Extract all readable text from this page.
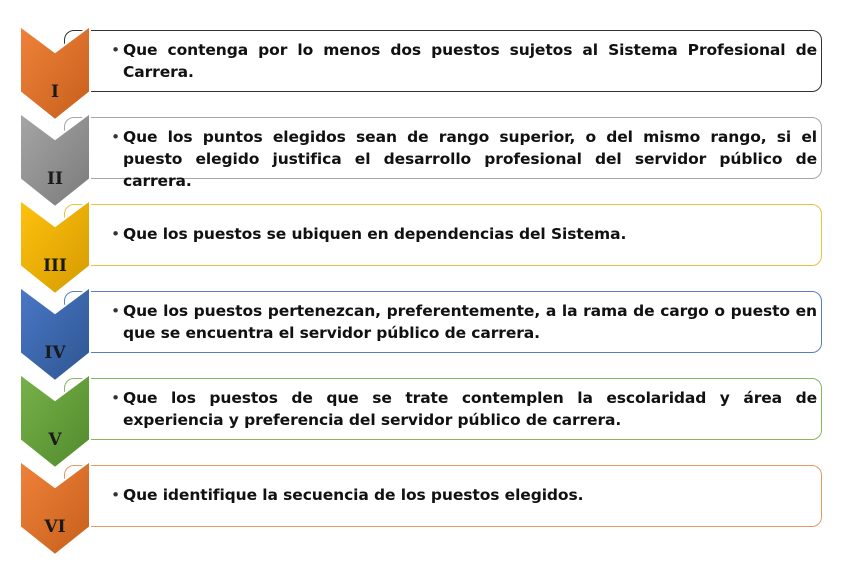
• Que contenga por lo menos dos puestos sujetos al Sistema Profesional de Carrera.
I
• Que los puntos elegidos sean de rango superior, o del mismo rango, si el puesto elegido justifica el desarrollo profesional del servidor público de carrera.
II
• Que los puestos se ubiquen en dependencias del Sistema.
III
• Que los puestos pertenezcan, preferentemente, a la rama de cargo o puesto en que se encuentra el servidor público de carrera.
IV
• Que los puestos de que se trate contemplen la escolaridad y área de experiencia y preferencia del servidor público de carrera.
V
• Que identifique la secuencia de los puestos elegidos.
VI
